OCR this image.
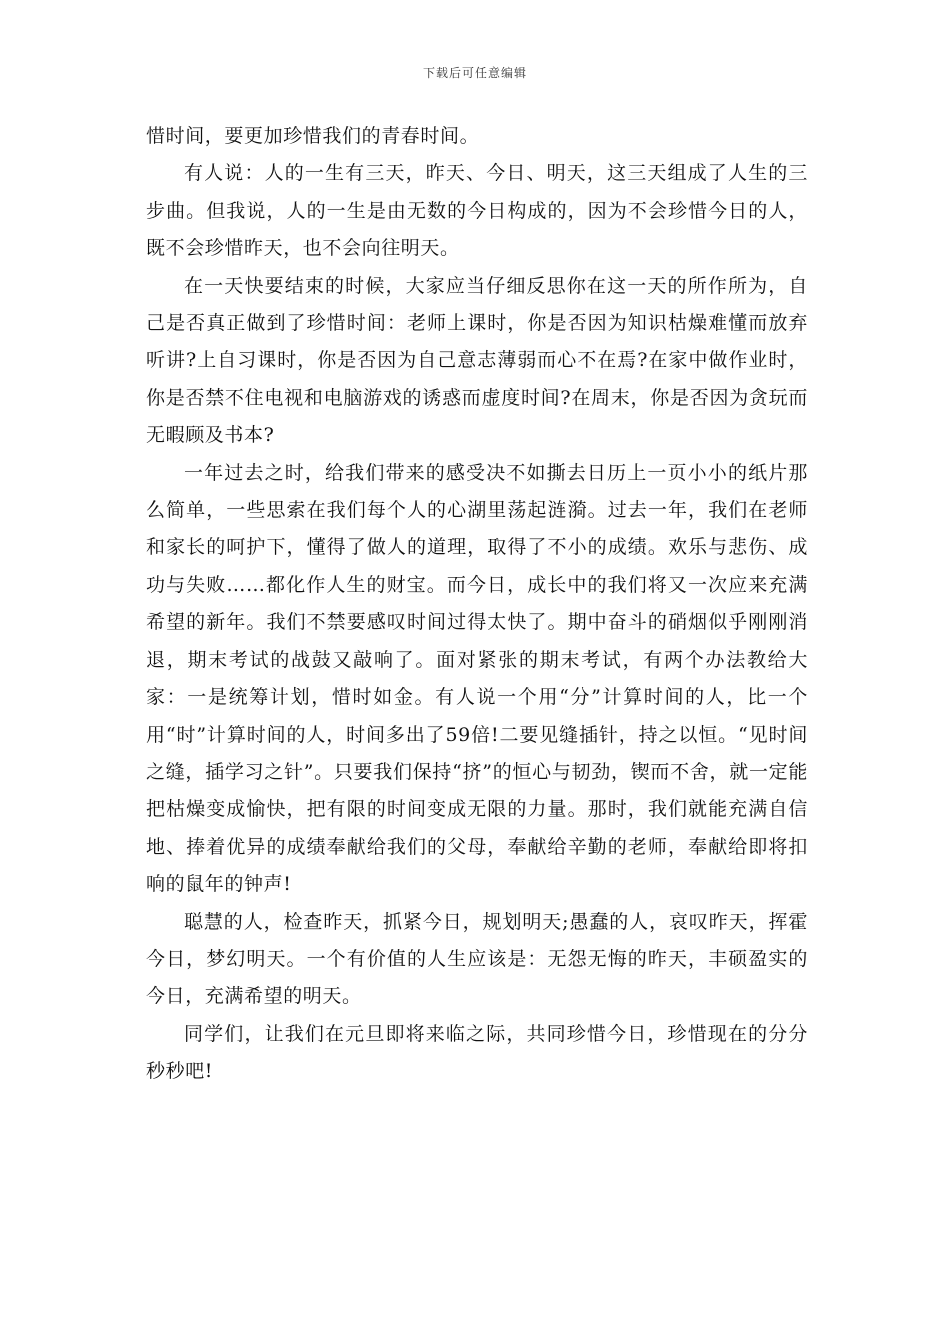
下载后可任意编辑

惜时间，要更加珍惜我们的青春时间。

有人说：人的一生有三天，昨天、今日、明天，这三天组成了人生的三步曲。但我说，人的一生是由无数的今日构成的，因为不会珍惜今日的人，既不会珍惜昨天，也不会向往明天。

在一天快要结束的时候，大家应当仔细反思你在这一天的所作所为，自己是否真正做到了珍惜时间：老师上课时，你是否因为知识枯燥难懂而放弃听讲?上自习课时，你是否因为自己意志薄弱而心不在焉?在家中做作业时，你是否禁不住电视和电脑游戏的诱惑而虚度时间?在周末，你是否因为贪玩而无暇顾及书本?

一年过去之时，给我们带来的感受决不如撕去日历上一页小小的纸片那么简单，一些思索在我们每个人的心湖里荡起涟漪。过去一年，我们在老师和家长的呵护下，懂得了做人的道理，取得了不小的成绩。欢乐与悲伤、成功与失败……都化作人生的财宝。而今日，成长中的我们将又一次应来充满希望的新年。我们不禁要感叹时间过得太快了。期中奋斗的硝烟似乎刚刚消退，期末考试的战鼓又敲响了。面对紧张的期末考试，有两个办法教给大家：一是统筹计划，惜时如金。有人说一个用“分”计算时间的人，比一个用“时”计算时间的人，时间多出了59倍!二要见缝插针，持之以恒。“见时间之缝，插学习之针”。只要我们保持“挤”的恒心与韧劲，锲而不舍，就一定能把枯燥变成愉快，把有限的时间变成无限的力量。那时，我们就能充满自信地、捧着优异的成绩奉献给我们的父母，奉献给辛勤的老师，奉献给即将扣响的鼠年的钟声!

聪慧的人，检查昨天，抓紧今日，规划明天;愚蠢的人，哀叹昨天，挥霍今日，梦幻明天。一个有价值的人生应该是：无怨无悔的昨天，丰硕盈实的今日，充满希望的明天。

同学们，让我们在元旦即将来临之际，共同珍惜今日，珍惜现在的分分秒秒吧!
